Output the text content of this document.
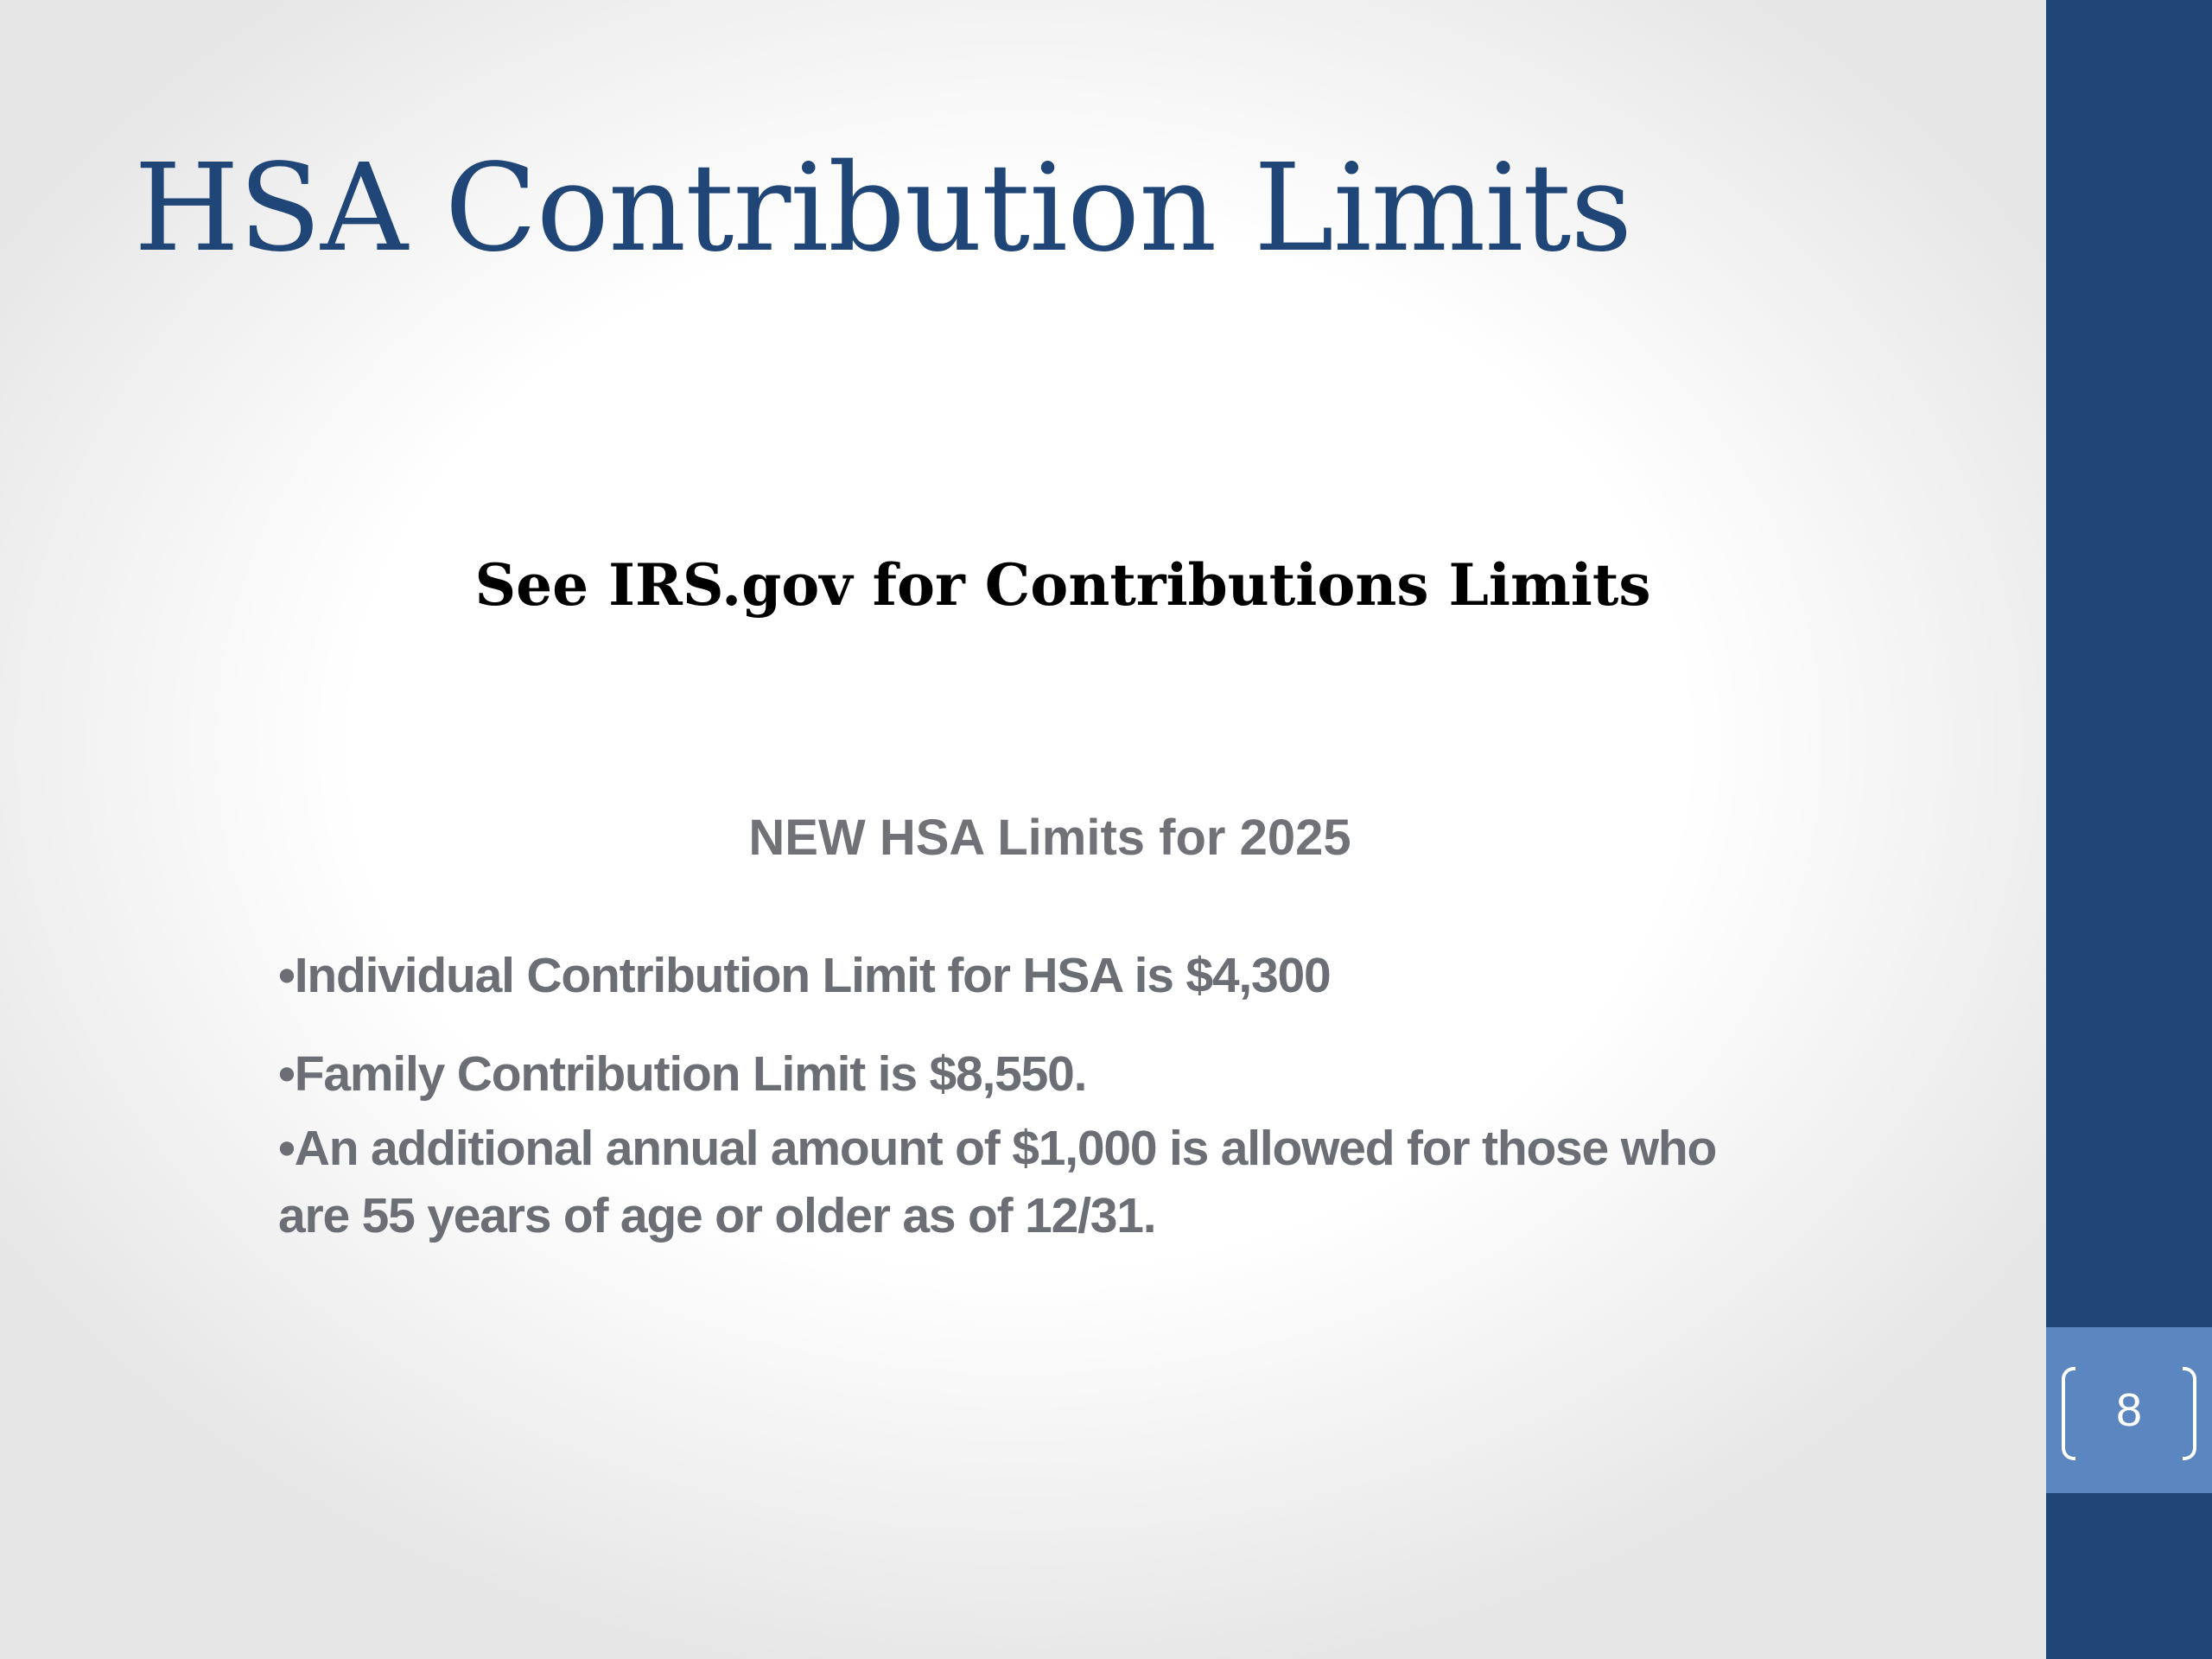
HSA Contribution Limits
See IRS.gov for Contributions Limits
NEW HSA Limits for 2025
•Individual Contribution Limit for HSA is $4,300
•Family Contribution Limit is $8,550.
•An additional annual amount of $1,000 is allowed for those who are 55 years of age or older as of 12/31.
8
